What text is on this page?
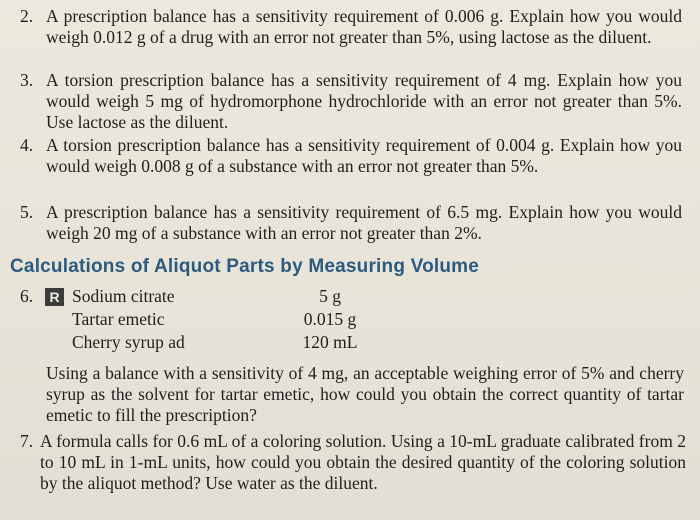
2. A prescription balance has a sensitivity requirement of 0.006 g. Explain how you would weigh 0.012 g of a drug with an error not greater than 5%, using lactose as the diluent.
3. A torsion prescription balance has a sensitivity requirement of 4 mg. Explain how you would weigh 5 mg of hydromorphone hydrochloride with an error not greater than 5%. Use lactose as the diluent.
4. A torsion prescription balance has a sensitivity requirement of 0.004 g. Explain how you would weigh 0.008 g of a substance with an error not greater than 5%.
5. A prescription balance has a sensitivity requirement of 6.5 mg. Explain how you would weigh 20 mg of a substance with an error not greater than 2%.
Calculations of Aliquot Parts by Measuring Volume
6.	R Sodium citrate	5 g
Tartar emetic	0.015 g
Cherry syrup ad	120 mL
Using a balance with a sensitivity of 4 mg, an acceptable weighing error of 5% and cherry syrup as the solvent for tartar emetic, how could you obtain the correct quantity of tartar emetic to fill the prescription?
7. A formula calls for 0.6 mL of a coloring solution. Using a 10-mL graduate calibrated from 2 to 10 mL in 1-mL units, how could you obtain the desired quantity of the coloring solution by the aliquot method? Use water as the diluent.
